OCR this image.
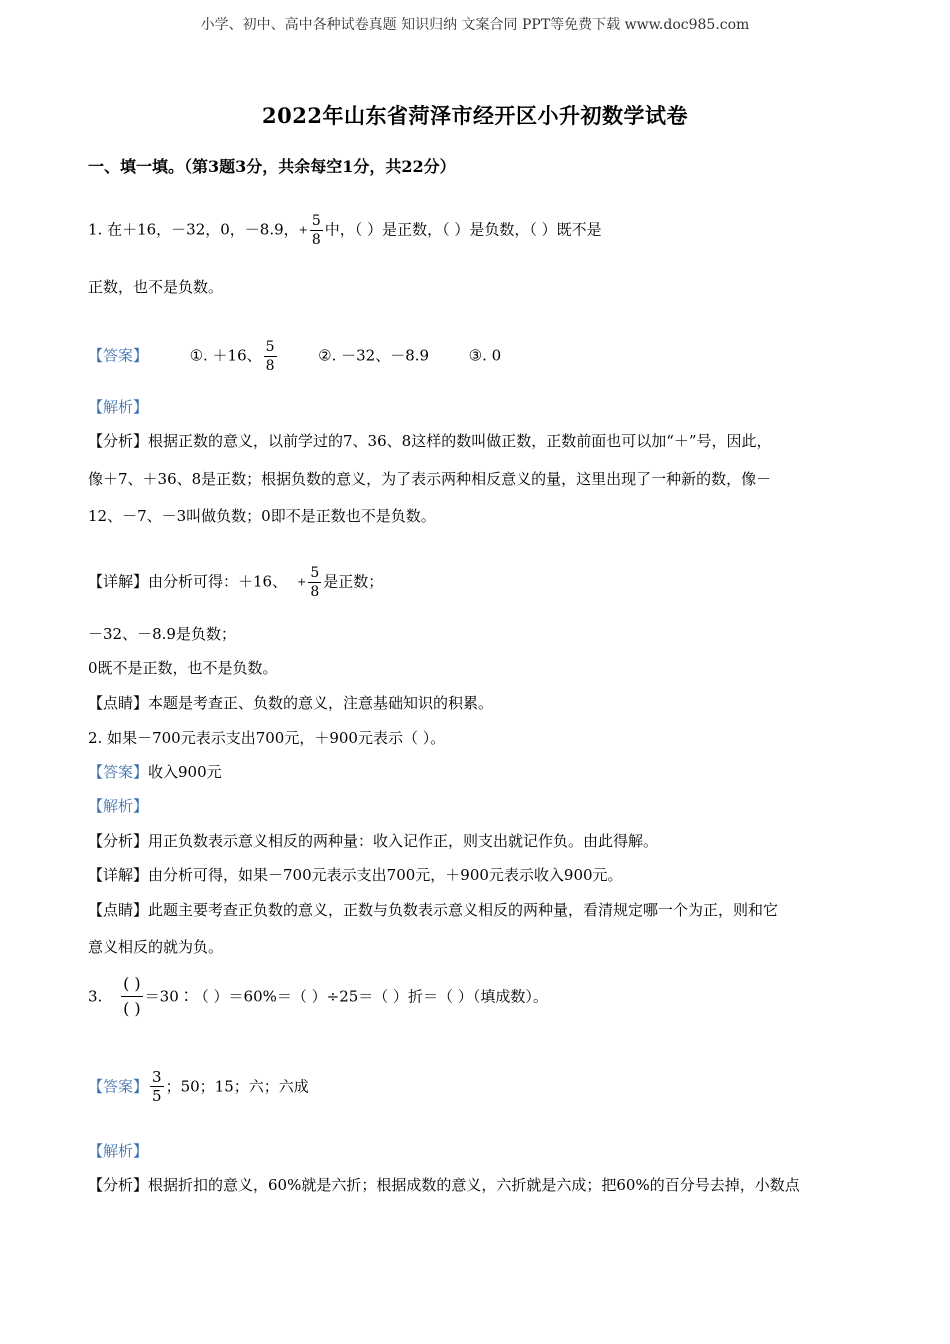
小学、初中、高中各种试卷真题 知识归纳 文案合同 PPT等免费下载 www.doc985.com
2022年山东省菏泽市经开区小升初数学试卷
一、填一填。（第3题3分，共余每空1分，共22分）
1. 在＋16，－32，0，－8.9，+ $\frac{5}{8}$ 中，（ ）是正数，（ ）是负数，（ ）既不是
正数，也不是负数。
【答案】	①. ＋16、 $\frac{5}{8}$	②. －32、－8.9	③. 0
【解析】
【分析】根据正数的意义，以前学过的7、36、8这样的数叫做正数，正数前面也可以加“＋”号，因此，
像＋7、＋36、8是正数；根据负数的意义，为了表示两种相反意义的量，这里出现了一种新的数，像－
12、－7、－3叫做负数；0即不是正数也不是负数。
【详解】由分析可得：＋16、 + $\frac{5}{8}$ 是正数；
－32、－8.9是负数；
0既不是正数，也不是负数。
【点睛】本题是考查正、负数的意义，注意基础知识的积累。
2. 如果－700元表示支出700元，＋900元表示（ ）。
【答案】收入900元
【解析】
【分析】用正负数表示意义相反的两种量：收入记作正，则支出就记作负。由此得解。
【详解】由分析可得，如果－700元表示支出700元，＋900元表示收入900元。
【点睛】此题主要考查正负数的意义，正数与负数表示意义相反的两种量，看清规定哪一个为正，则和它
意义相反的就为负。
3. $\frac{( )}{( )}$ ＝30∶（ ）＝60%＝（ ）÷25＝（ ）折＝（ ）（填成数）。
【答案】 $\frac{3}{5}$ ；50；15；六；六成
【解析】
【分析】根据折扣的意义，60%就是六折；根据成数的意义，六折就是六成；把60%的百分号去掉，小数点
